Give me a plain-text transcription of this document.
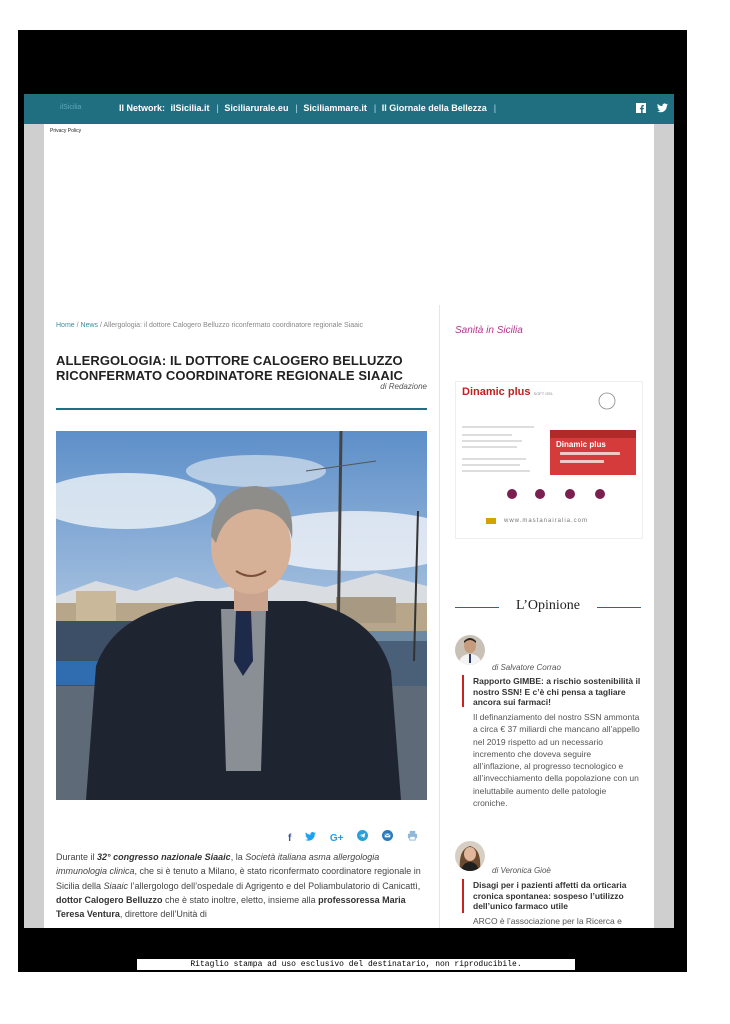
ilSicilia	Il Network: ilSicilia.it | Siciliarurale.eu | Siciliammare.it | Il Giornale della Bellezza |
Privacy Policy
Home / News / Allergologia: il dottore Calogero Belluzzo riconfermato coordinatore regionale Siaaic
ALLERGOLOGIA: IL DOTTORE CALOGERO BELLUZZO RICONFERMATO COORDINATORE REGIONALE SIAAIC
di Redazione
f	G+
Durante il 32° congresso nazionale Siaaic, la Società italiana asma allergologia immunologia clinica, che si è tenuto a Milano, è stato riconfermato coordinatore regionale in Sicilia della Siaaic l’allergologo dell’ospedale di Agrigento e del Poliambulatorio di Canicattì, dottor Calogero Belluzzo che è stato inoltre, eletto, insieme alla professoressa Maria Teresa Ventura, direttore dell’Unità di
Sanità in Sicilia
Dinamic plus SOFT GEL
Dinamic plus
www.mastanairalia.com
L’Opinione
di Salvatore Corrao
Rapporto GIMBE: a rischio sostenibilità il nostro SSN! E c’è chi pensa a tagliare ancora sui farmaci!
Il definanziamento del nostro SSN ammonta a circa € 37 miliardi che mancano all’appello nel 2019 rispetto ad un necessario incremento che doveva seguire all’inflazione, al progresso tecnologico e all’invecchiamento della popolazione con un ineluttabile aumento delle patologie croniche.
di Veronica Gioè
Disagi per i pazienti affetti da orticaria cronica spontanea: sospeso l’utilizzo dell’unico farmaco utile
ARCO è l’associazione per la Ricerca e
Ritaglio stampa ad uso esclusivo del destinatario, non riproducibile.
